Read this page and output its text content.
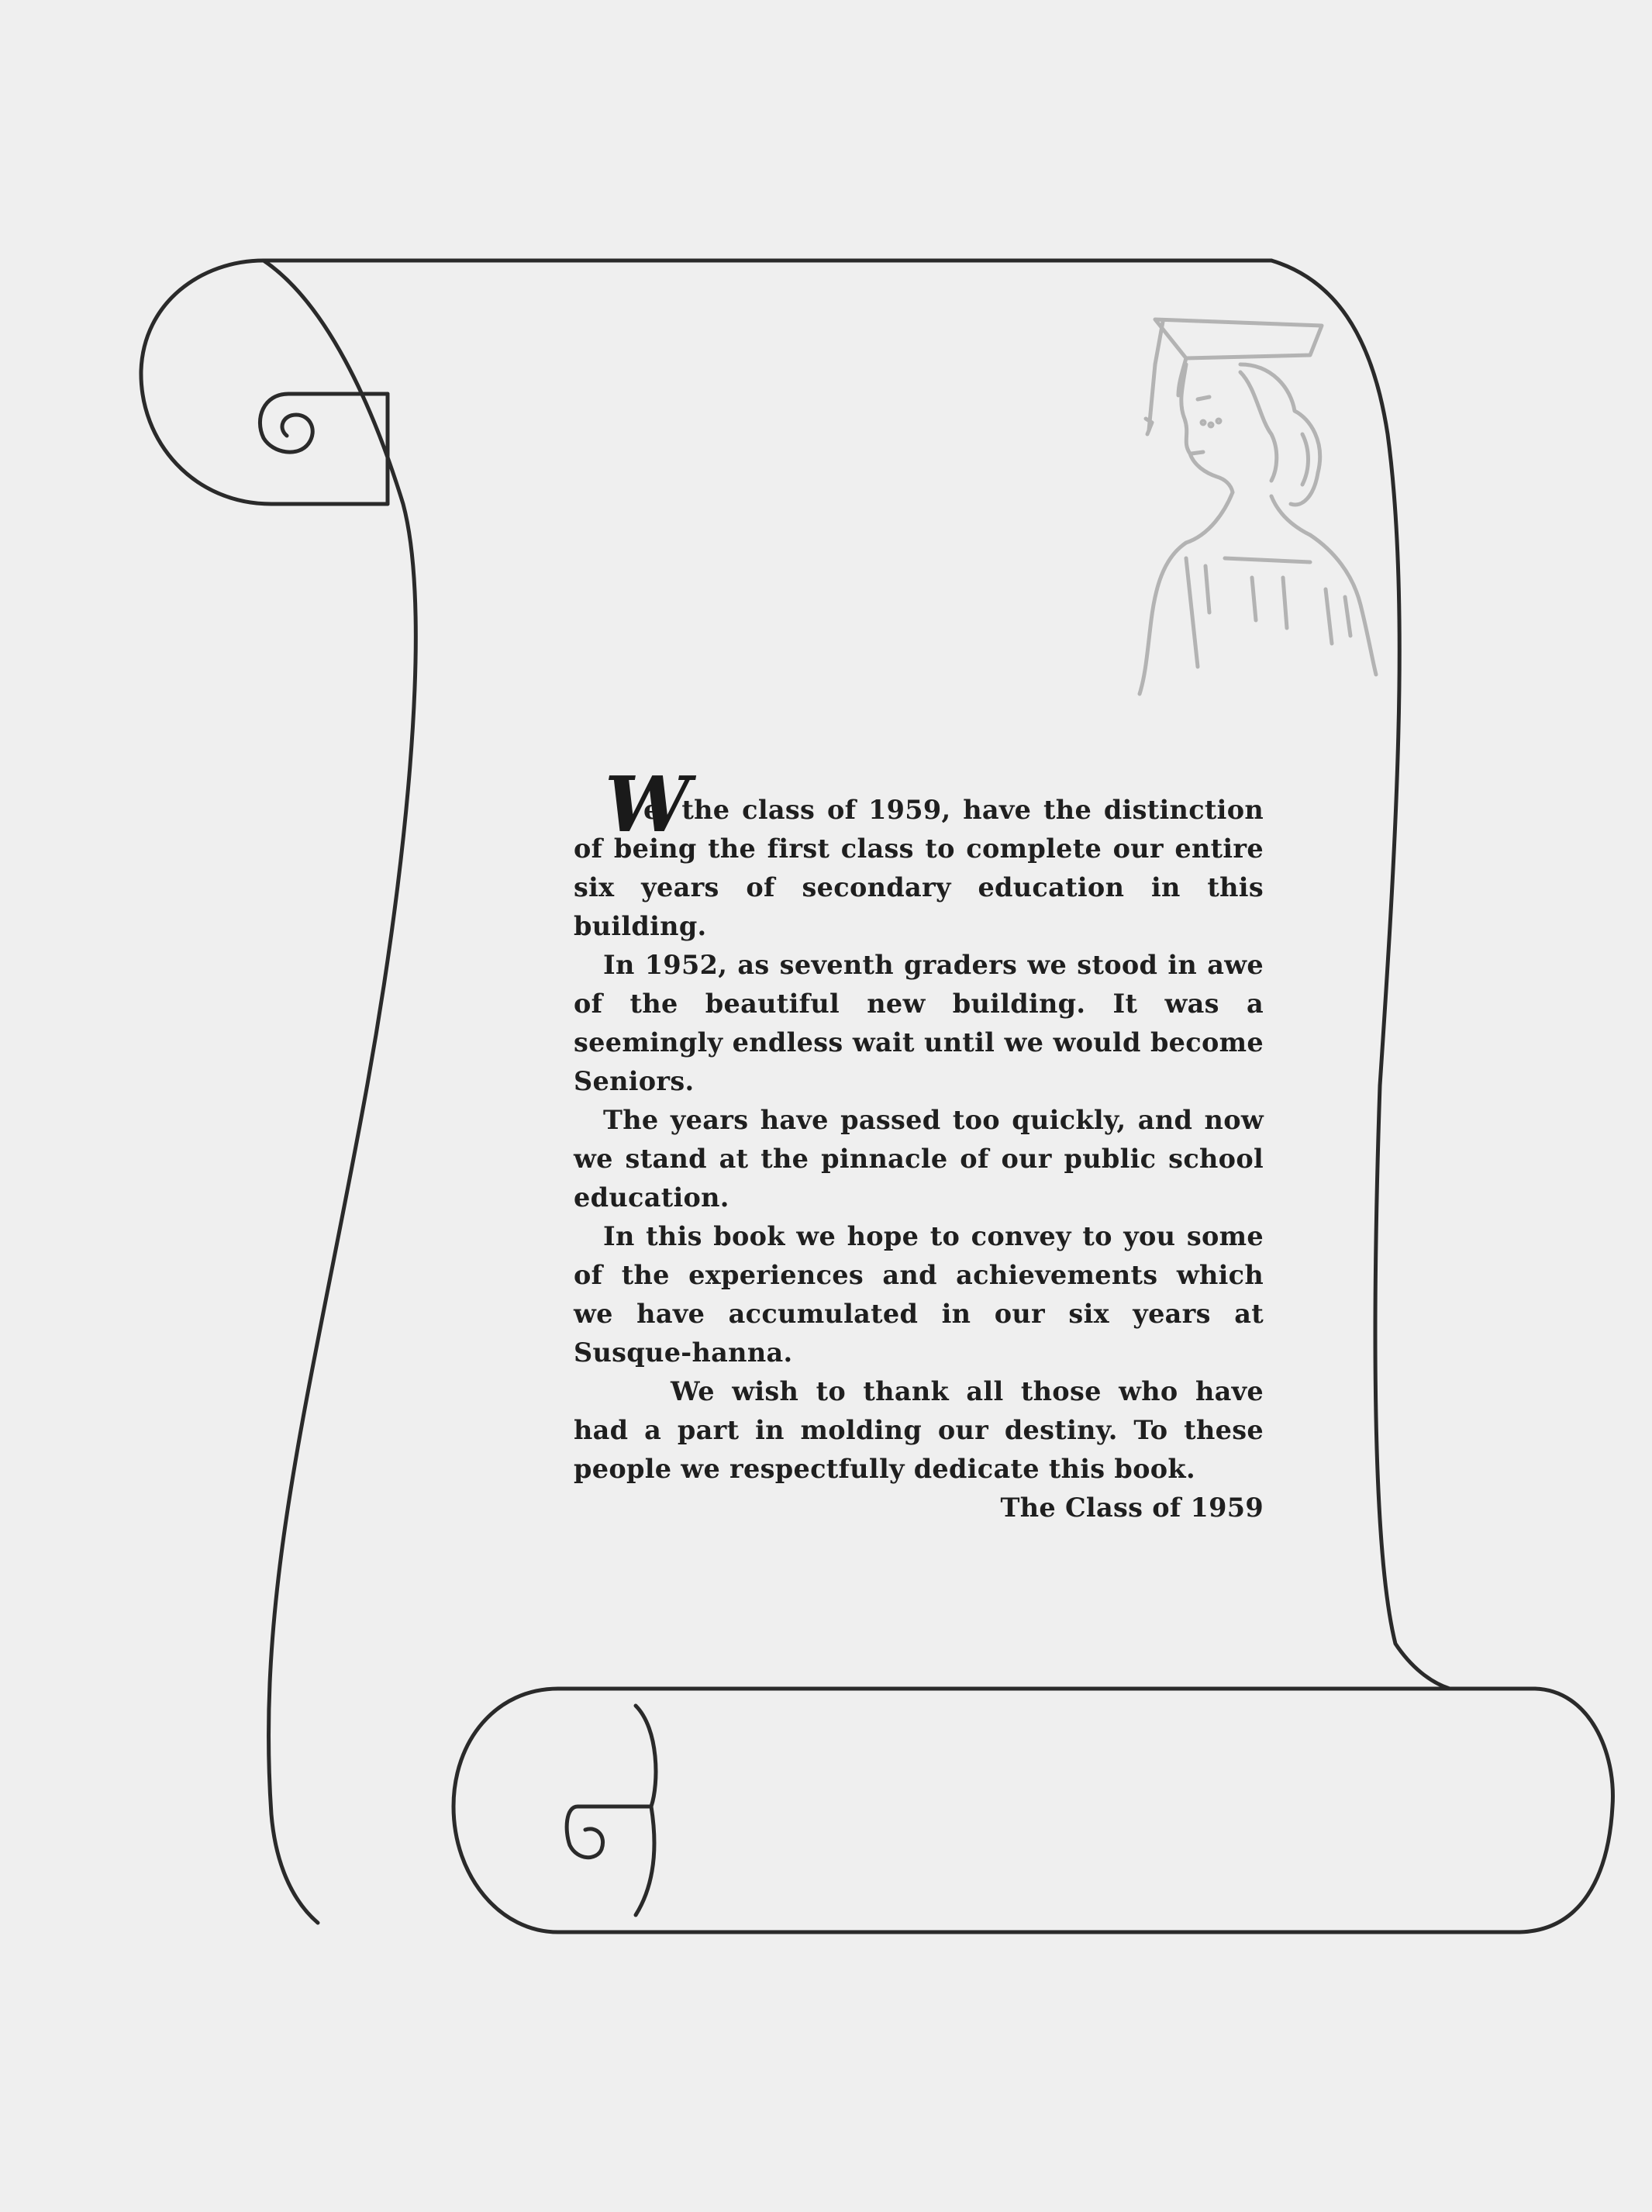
W
e, the class of 1959, have the distinction of being the first class to complete our entire six years of secondary education in this building.

In 1952, as seventh graders we stood in awe of the beautiful new building. It was a seemingly endless wait until we would become Seniors.

The years have passed too quickly, and now we stand at the pinnacle of our public school education.

In this book we hope to convey to you some of the experiences and achievements which we have accumulated in our six years at Susque-hanna.

We wish to thank all those who have had a part in molding our destiny. To these people we respectfully dedicate this book.

The Class of 1959
